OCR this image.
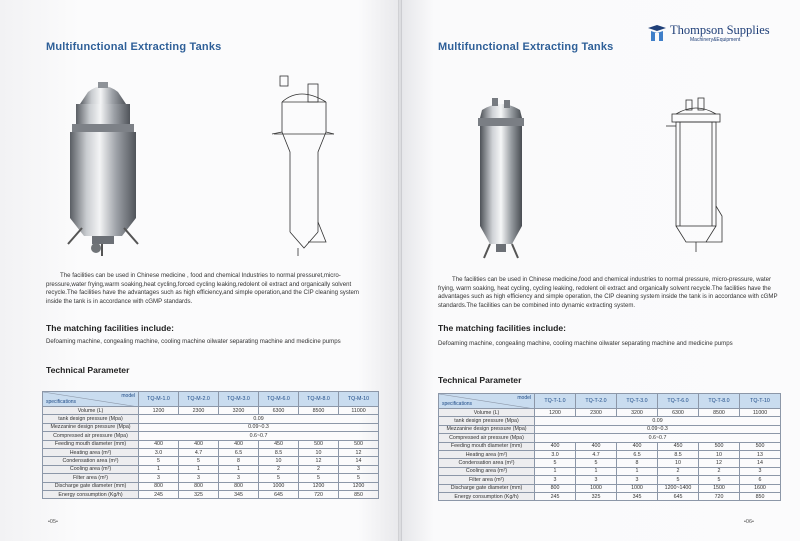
Multifunctional Extracting Tanks
The facilities can be used in Chinese medicine , food and chemical Industries to normal pressuret,micro-pressure,water frying,warm soaking,heat cycling,forced cycling leaking,redolent oil extract and organically solvent recycle.The facilities have the advantages such as high efficiency,and simple operation,and the CIP cleaning system inside the tank is in accordance with cGMP standards.
The matching facilities include:
Defoaming machine, congealing machine, cooling machine oilwater separating machine and medicine pumps
Technical Parameter
model
specifications	TQ-M-1.0	TQ-M-2.0	TQ-M-3.0	TQ-M-6.0	TQ-M-8.0	TQ-M-10
Volume (L)	1200	2300	3200	6300	8500	11000
tank design pressure (Mpa)	0.09					
Mezzanine design pressure (Mpa)	0.09~0.3					
Compressed air pressure (Mpa)	0.6~0.7					
Feeding mouth diameter (mm)	400	400	400	450	500	500
Heating area (m²)	3.0	4.7	6.5	8.5	10	12
Condensation area (m²)	5	5	8	10	12	14
Cooling area (m²)	1	1	1	2	2	3
Filter area (m²)	3	3	3	5	5	5
Discharge gate diameter (mm)	800	800	800	1000	1200	1200
Energy consumption (Kg/h)	245	325	345	645	720	850
•05•
Thompson Supplies
Machinery&Equipment
Multifunctional Extracting Tanks
The facilities can be used in Chinese medicine,food and chemical industries to normal pressure, micro-pressure, water frying, warm soaking, heat cycling, cycling leaking, redolent oil extract and organically solvent recycle.The facilities have the advantages such as high efficiency and simple operation, the CIP cleaning system inside the tank is in accordance with cGMP standards.The facilities can be combined into dynamic extracting system.
The matching facilities include:
Defoaming machine, congealing machine, cooling machine oilwater separating machine and medicine pumps
Technical Parameter
model
specifications	TQ-T-1.0	TQ-T-2.0	TQ-T-3.0	TQ-T-6.0	TQ-T-8.0	TQ-T-10
Volume (L)	1200	2300	3200	6300	8500	11000
tank design pressure (Mpa)	0.09					
Mezzanine design pressure (Mpa)	0.09~0.3					
Compressed air pressure (Mpa)	0.6~0.7					
Feeding mouth diameter (mm)	400	400	400	450	500	500
Heating area (m²)	3.0	4.7	6.5	8.5	10	13
Condensation area (m²)	5	5	8	10	12	14
Cooling area (m²)	1	1	1	2	2	3
Filter area (m²)	3	3	3	5	5	6
Discharge gate diameter (mm)	800	1000	1000	1200~1400	1500	1600
Energy consumption (Kg/h)	245	325	345	645	720	850
•06•
